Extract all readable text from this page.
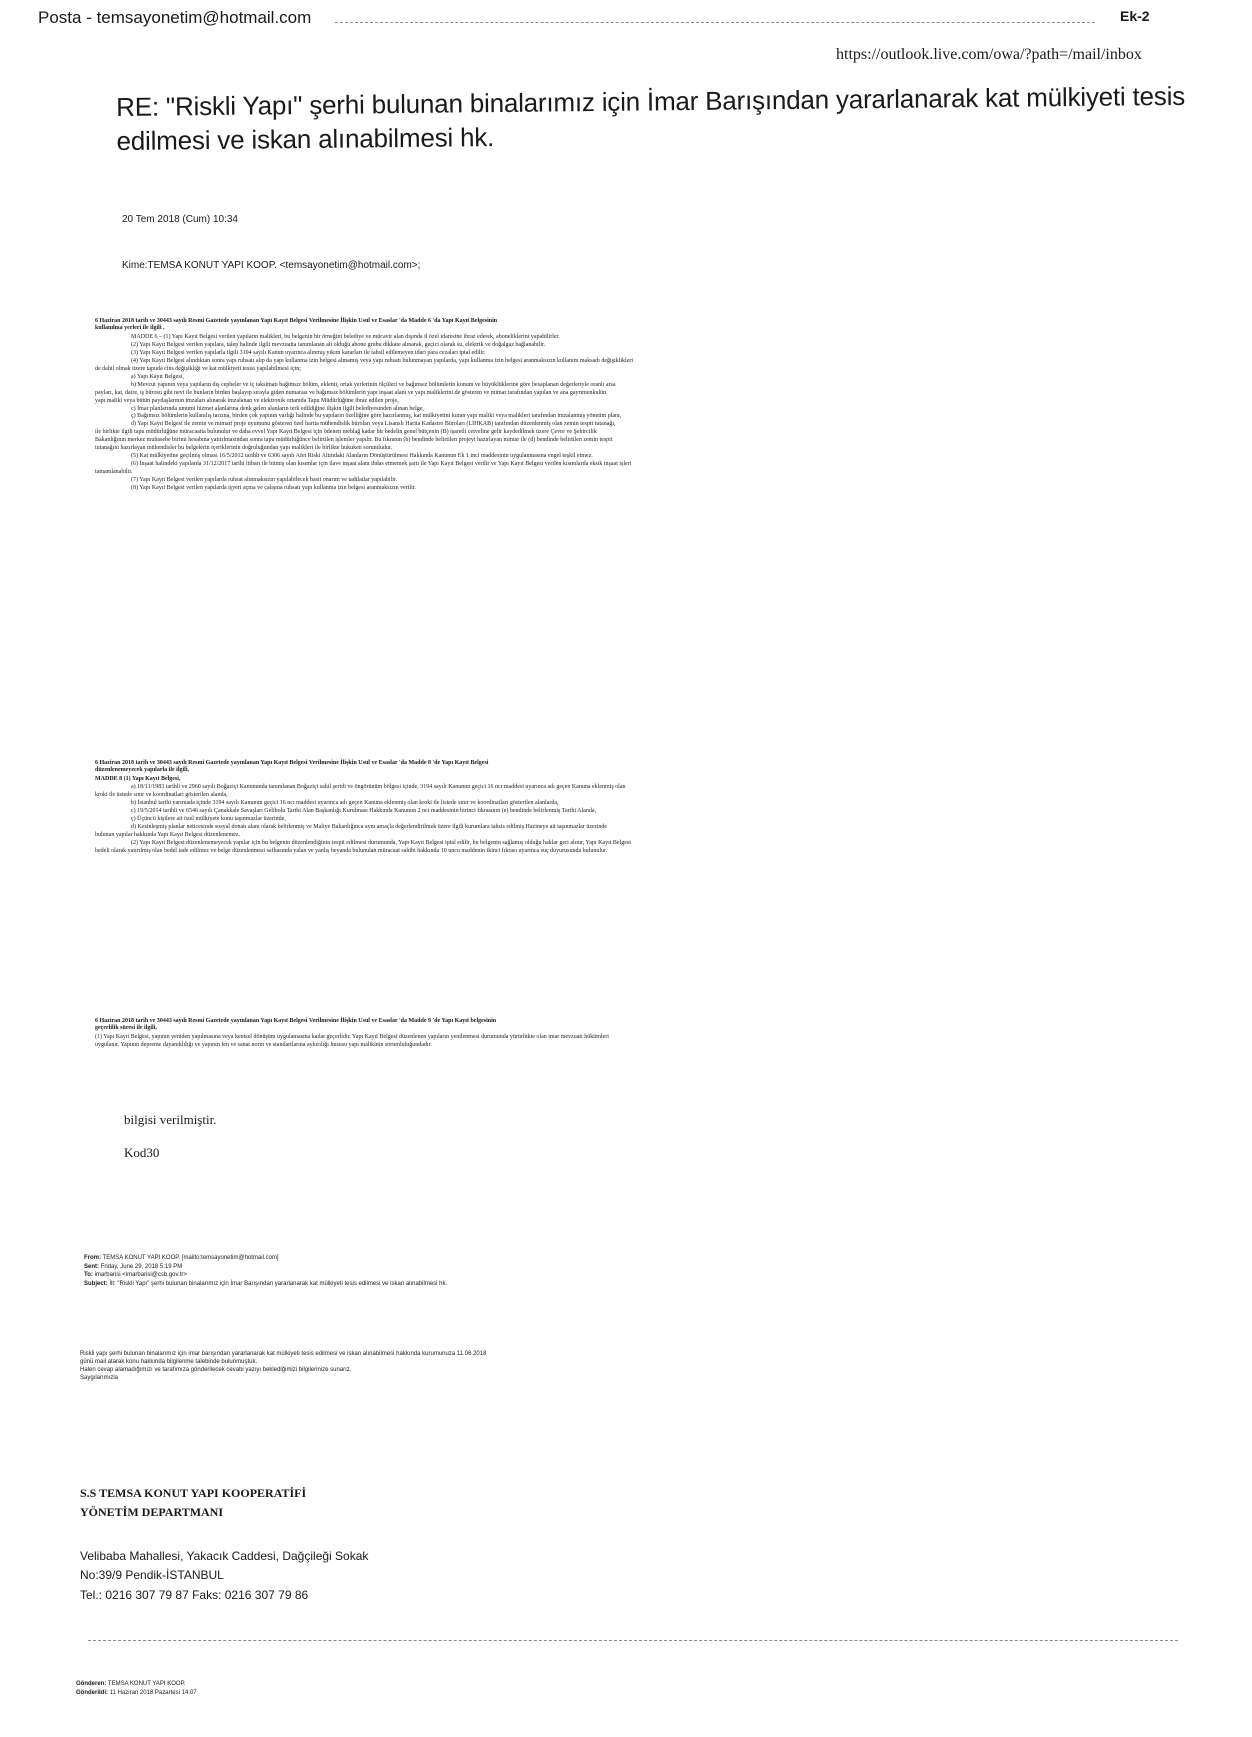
Posta - temsayonetim@hotmail.com	Ek-2
https://outlook.live.com/owa/?path=/mail/inbox
RE: "Riskli Yapı" şerhi bulunan binalarımız için İmar Barışından yararlanarak kat mülkiyeti tesis
edilmesi ve iskan alınabilmesi hk.
20 Tem 2018 (Cum) 10:34
Kime:TEMSA KONUT YAPI KOOP. <temsayonetim@hotmail.com>;
6 Haziran 2018 tarih ve 30443 sayılı Resmi Gazetede yayınlanan Yapı Kayıt Belgesi Verilmesine İlişkin Usul ve Esaslar 'da Madde 6 'da Yapı Kayıt Belgesinin
kullanılma yerleri ile ilgili ,

MADDE 6 – (1) Yapı Kayıt Belgesi verilen yapıların malikleri, bu belgenin bir örneğini belediye ve mücavir alan dışında il özel idaresine ibraz ederek, aboneliklerini yapabilirler.

(2) Yapı Kayıt Belgesi verilen yapılara, talep halinde ilgili mevzuatta tanımlanan ait olduğu abone grubu dikkate alınarak, geçici olarak su, elektrik ve doğalgaz bağlanabilir.

(3) Yapı Kayıt Belgesi verilen yapılarla ilgili 3194 sayılı Kanun uyarınca alınmış yıkım kararları ile tahsil edilemeyen idari para cezaları iptal edilir.

(4) Yapı Kayıt Belgesi alındıktan sonra yapı ruhsatı alıp da yapı kullanma izin belgesi almamış veya yapı ruhsatı bulunmayan yapılarda, yapı kullanma izin belgesi aranmaksızın kullanım maksadı değişiklikleri

de dahil olmak üzere tapuda cins değişikliği ve kat mülkiyeti tesisi yapılabilmesi için;

a) Yapı Kayıt Belgesi,

b) Mevcut yapının veya yapıların dış cepheler ve iç taksimatı bağımsız bölüm, eklenti, ortak yerlerinin ölçüleri ve bağımsız bölümlerin konum ve büyüklüklerine göre hesaplanan değerleriyle oranlı arsa

payları, kat, daire, iş bürosu gibi nevi ile bunların birden başlayıp sırayla giden numarası ve bağımsız bölümlerin yapı inşaat alanı ve yapı maliklerini de gösteren ve mimar tarafından yapılan ve ana gayrımenkulün

yapı maliki veya bütün paydaşlarının imzaları alınarak imzalanan ve elektronik ortamda Tapu Müdürlüğüne ibraz edilen proje,

c) İmar planlarında umumi hizmet alanlarına denk gelen alanların terk edildiğine ilişkin ilgili belediyesinden alınan belge,

ç) Bağımsız bölümlerin kullanılış tarzına, birden çok yapının varlığı halinde bu yapıların özelliğine göre hazırlanmış, kat mülkiyetini kuran yapı maliki veya malikleri tarafından imzalanmış yönetim planı,

d) Yapı Kayıt Belgesi ile zemin ve mimari proje uyumunu gösteren özel harita mühendislik büroları veya Lisanslı Harita Kadastro Büroları (LİHKAB) tarafından düzenlenmiş olan zemin tespit tutanağı,

ile birlikte ilgili tapu müdürlüğüne müracaatta bulunulur ve daha evvel Yapı Kayıt Belgesi için ödenen meblağ kadar bir bedelin genel bütçenin (B) işaretli cetveline gelir kaydedilmek üzere Çevre ve Şehircilik

Bakanlığının merkez muhasebe birimi hesabına yatırılmasından sonra tapu müdürlüğünce belirtilen işlemler yapılır. Bu fıkranın (b) bendinde belirtilen projeyi hazırlayan mimar ile (d) bendinde belirtilen zemin tespit

tutanağını hazırlayan mühendisler bu belgelerin içeriklerinin doğruluğundan yapı malikleri ile birlikte hukuken sorumludur.

(5) Kat mülkiyetine geçilmiş olması 16/5/2012 tarihli ve 6306 sayılı Afet Riski Altındaki Alanların Dönüştürülmesi Hakkında Kanunun Ek 1 inci maddesinin uygulanmasına engel teşkil etmez.

(6) İnşaat halindeki yapılarda 31/12/2017 tarihi itibarı ile bitmiş olan kısımlar için ilave inşaat alanı ihdas etmemek şartı ile Yapı Kayıt Belgesi verilir ve Yapı Kayıt Belgesi verilen kısımlarda eksik inşaat işleri

tamamlanabilir.

(7) Yapı Kayıt Belgesi verilen yapılarda ruhsat alınmaksızın yapılabilecek basit onarım ve tadilatlar yapılabilir.

(8) Yapı Kayıt Belgesi verilen yapılarda işyeri açma ve çalışma ruhsatı yapı kullanma izin belgesi aranmaksızın verilir.

6 Haziran 2018 tarih ve 30443 sayılı Resmi Gazetede yayınlanan Yapı Kayıt Belgesi Verilmesine İlişkin Usul ve Esaslar 'da Madde 8 'de Yapı Kayıt Belgesi
düzenlenemeyecek yapılarla ile ilgili,

MADDE 8 (1) Yapı Kayıt Belgesi,

a) 18/11/1983 tarihli ve 2960 sayılı Boğaziçi Kanununda tanımlanan Boğaziçi sahil şeridi ve öngörünüm bölgesi içinde, 3194 sayılı Kanunun geçici 16 ncı maddesi uyarınca adı geçen Kanuna eklenmiş olan

kroki ile üstede sınır ve koordinatları gösterilen alanda,

b) İstanbul tarihi yarımada içinde 3194 sayılı Kanunun geçici 16 ncı maddesi uyarınca adı geçen Kanuna eklenmiş olan kroki ile listede sınır ve koordinatları gösterilen alanlarda,

c) 19/5/2014 tarihli ve 6546 sayılı Çanakkale Savaşları Gelibolu Tarihi Alan Başkanlığı Kurulması Hakkında Kanunun 2 nci maddesinin birinci fıkrasının (e) bendinde belirlenmiş Tarihi Alanda,

ç) Üçüncü kişilere ait özel mülkiyete konu taşınmazlar üzerinde,

d) Kesinleşmiş planlar neticesinde sosyal donatı alanı olarak belirlenmiş ve Maliye Bakanlığınca aynı amaçla değerlendirilmek üzere ilgili kurumlara tahsis edilmiş Hazineye ait taşınmazlar üzerinde

bulunan yapılar hakkında Yapı Kayıt Belgesi düzenlenemez.

(2) Yapı Kayıt Belgesi düzenlenemeyecek yapılar için bu belgenin düzenlendiğinin tespit edilmesi durumunda, Yapı Kayıt Belgesi iptal edilir, bu belgenin sağlamış olduğu haklar geri alınır, Yapı Kayıt Belgesi

bedeli olarak yatırılmış olan bedel iade edilmez ve belge düzenlenmesi safhasında yalan ve yanlış beyanda bulunulan müracaat sahibi hakkında 10 uncu maddenin ikinci fıkrası uyarınca suç duyurusunda bulunulur.

6 Haziran 2018 tarih ve 30443 sayılı Resmi Gazetede yayınlanan Yapı Kayıt Belgesi Verilmesine İlişkin Usul ve Esaslar 'da Madde 9 'de Yapı Kayıt belgesinin
geçerlilik süresi ile ilgili,

(1) Yapı Kayıt Belgesi, yapının yeniden yapılmasına veya kentsel dönüşüm uygulamasına kadar geçerlidir. Yapı Kayıt Belgesi düzenlenen yapıların yenilenmesi durumunda yürürlükte olan imar mevzuatı hükümleri

uygulanır. Yapının depreme dayanıklılığı ve yapının fen ve sanat norm ve standartlarına aykırılığı hususu yapı malikinin sorumluluğundadır.

bilgisi verilmiştir.
Kod30
From: TEMSA KONUT YAPI KOOP. [mailto:temsayonetim@hotmail.com]
Sent: Friday, June 29, 2018 5:19 PM
To: imarbarisi <imarbarisi@csb.gov.tr>
Subject: İlt: "Riskli Yapı" şerhi bulunan binalarımız için İmar Barışından yararlanarak kat mülkiyeti tesis edilmesi ve iskan alınabilmesi hk.
Riskli yapı şerhi bulunan binalarımız için imar barışından yararlanarak kat mülkiyeti tesis edilmesi ve iskan alınabilmesi hakkında kurumunuza 11.06.2018
günü mail atarak konu hakkında bilgilenme talebinde bulunmuştuk.
Halen cevap alamadığımızı ve tarafımıza gönderilecek cevabi yazıyı beklediğimizi bilgilerinize sunarız.
Saygılarımızla
S.S TEMSA KONUT YAPI KOOPERATİFİ
YÖNETİM DEPARTMANI
Velibaba Mahallesi, Yakacık Caddesi, Dağçileği Sokak
No:39/9 Pendik-İSTANBUL
Tel.: 0216 307 79 87 Faks: 0216 307 79 86
Gönderen: TEMSA KONUT YAPI KOOP.
Gönderildi: 11 Haziran 2018 Pazartesi 14:07
